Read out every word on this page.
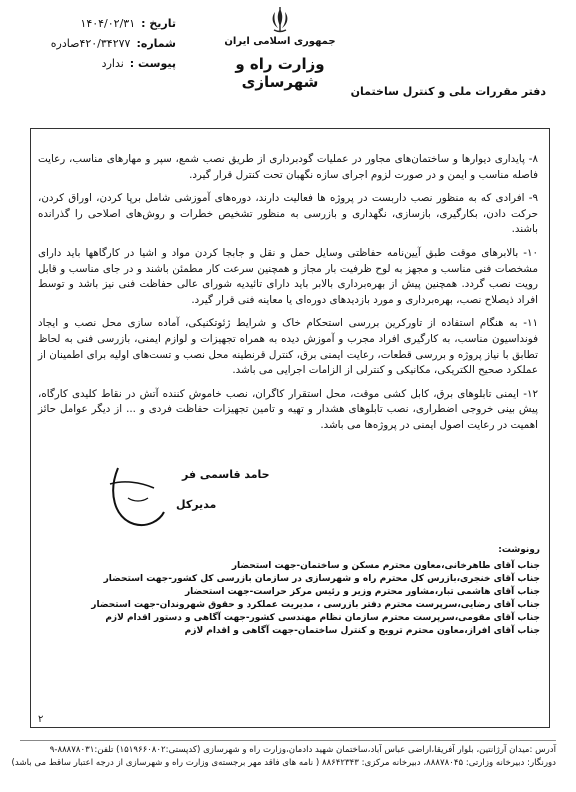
تاریخ :
۱۴۰۴/۰۲/۳۱
شماره:
۴۲۰/۳۴۲۷۷صادره
پیوست :
ندارد
جمهوری اسلامی ایران
وزارت راه و شهرسازی
دفتر مقررات ملی و کنترل ساختمان

۸- پایداری دیوارها و ساختمان‌های مجاور در عملیات گودبرداری از طریق نصب شمع، سپر و مهارهای مناسب، رعایت فاصله مناسب و ایمن و در صورت لزوم اجرای سازه نگهبان تحت کنترل قرار گیرد.

۹- افرادی که به منظور نصب داربست در پروژه ها فعالیت دارند، دوره‌های آموزشی شامل برپا کردن، اوراق کردن، حرکت دادن، بکارگیری، بازسازی، نگهداری و بازرسی به منظور تشخیص خطرات و روش‌های اصلاحی را گذرانده باشند.

۱۰- بالابرهای موقت طبق آیین‌نامه حفاظتی وسایل حمل و نقل و جابجا کردن مواد و اشیا در کارگاهها باید دارای مشخصات فنی مناسب و مجهز به لوح ظرفیت بار مجاز و همچنین سرعت کار مطمئن باشند و در جای مناسب و قابل رویت نصب گردد. همچنین پیش از بهره‌برداری بالابر باید دارای تائیدیه شورای عالی حفاظت فنی نیز باشد و توسط افراد ذیصلاح نصب، بهره‌برداری و مورد بازدیدهای دوره‌ای یا معاینه فنی قرار گیرد.

۱۱- به هنگام استفاده از تاورکرین بررسی استحکام خاک و شرایط ژئوتکنیکی، آماده سازی محل نصب و ایجاد فونداسیون مناسب، به کارگیری افراد مجرب و آموزش دیده به همراه تجهیزات و لوازم ایمنی، بازرسی فنی به لحاظ تطابق با نیاز پروژه و بررسی قطعات، رعایت ایمنی برق، کنترل قرنطینه محل نصب و تست‌های اولیه برای اطمینان از عملکرد صحیح الکتریکی، مکانیکی و کنترلی از الزامات اجرایی می باشد.

۱۲- ایمنی تابلوهای برق، کابل کشی موقت، محل استقرار کاگران، نصب خاموش کننده آتش در نقاط کلیدی کارگاه، پیش بینی خروجی اضطراری، نصب تابلوهای هشدار و تهیه و تامین تجهیزات حفاظت فردی و ... از دیگر عوامل حائز اهمیت در رعایت اصول ایمنی در پروژه‌ها می باشد.

حامد قاسمی فر
مدیرکل
رونوشت:
جناب آقای طاهرخانی،معاون محترم مسکن و ساختمان-جهت استحضار
جناب آقای خنجری،بازرس کل محترم راه و شهرسازی در سازمان بازرسی کل کشور-جهت استحضار
جناب آقای هاشمی تبار،مشاور محترم وزیر و رئیس مرکز حراست-جهت استحضار
جناب آقای رضایی،سرپرست محترم دفتر بازرسی ، مدیریت عملکرد و حقوق شهروندان-جهت استحضار
جناب آقای مقومی،سرپرست محترم سازمان نظام مهندسی کشور-جهت آگاهی و دستور اقدام لازم
جناب آقای افراز،معاون محترم ترویج و کنترل ساختمان-جهت آگاهی و اقدام لازم
۲
آدرس :میدان آرژانتین، بلوار آفریقا،اراضی عباس آباد،ساختمان شهید دادمان،وزارت راه و شهرسازی (کدپستی:۱۵۱۹۶۶۰۸۰۲) تلفن:۸۸۸۷۸۰۳۱-۹
دورنگار: دبیرخانه وزارتی: ۸۸۸۷۸۰۴۵، دبیرخانه مرکزی: ۸۸۶۴۲۳۴۳ ( نامه های فاقد مهر برجسته‌ی وزارت راه و شهرسازی از درجه اعتبار ساقط می باشد)
